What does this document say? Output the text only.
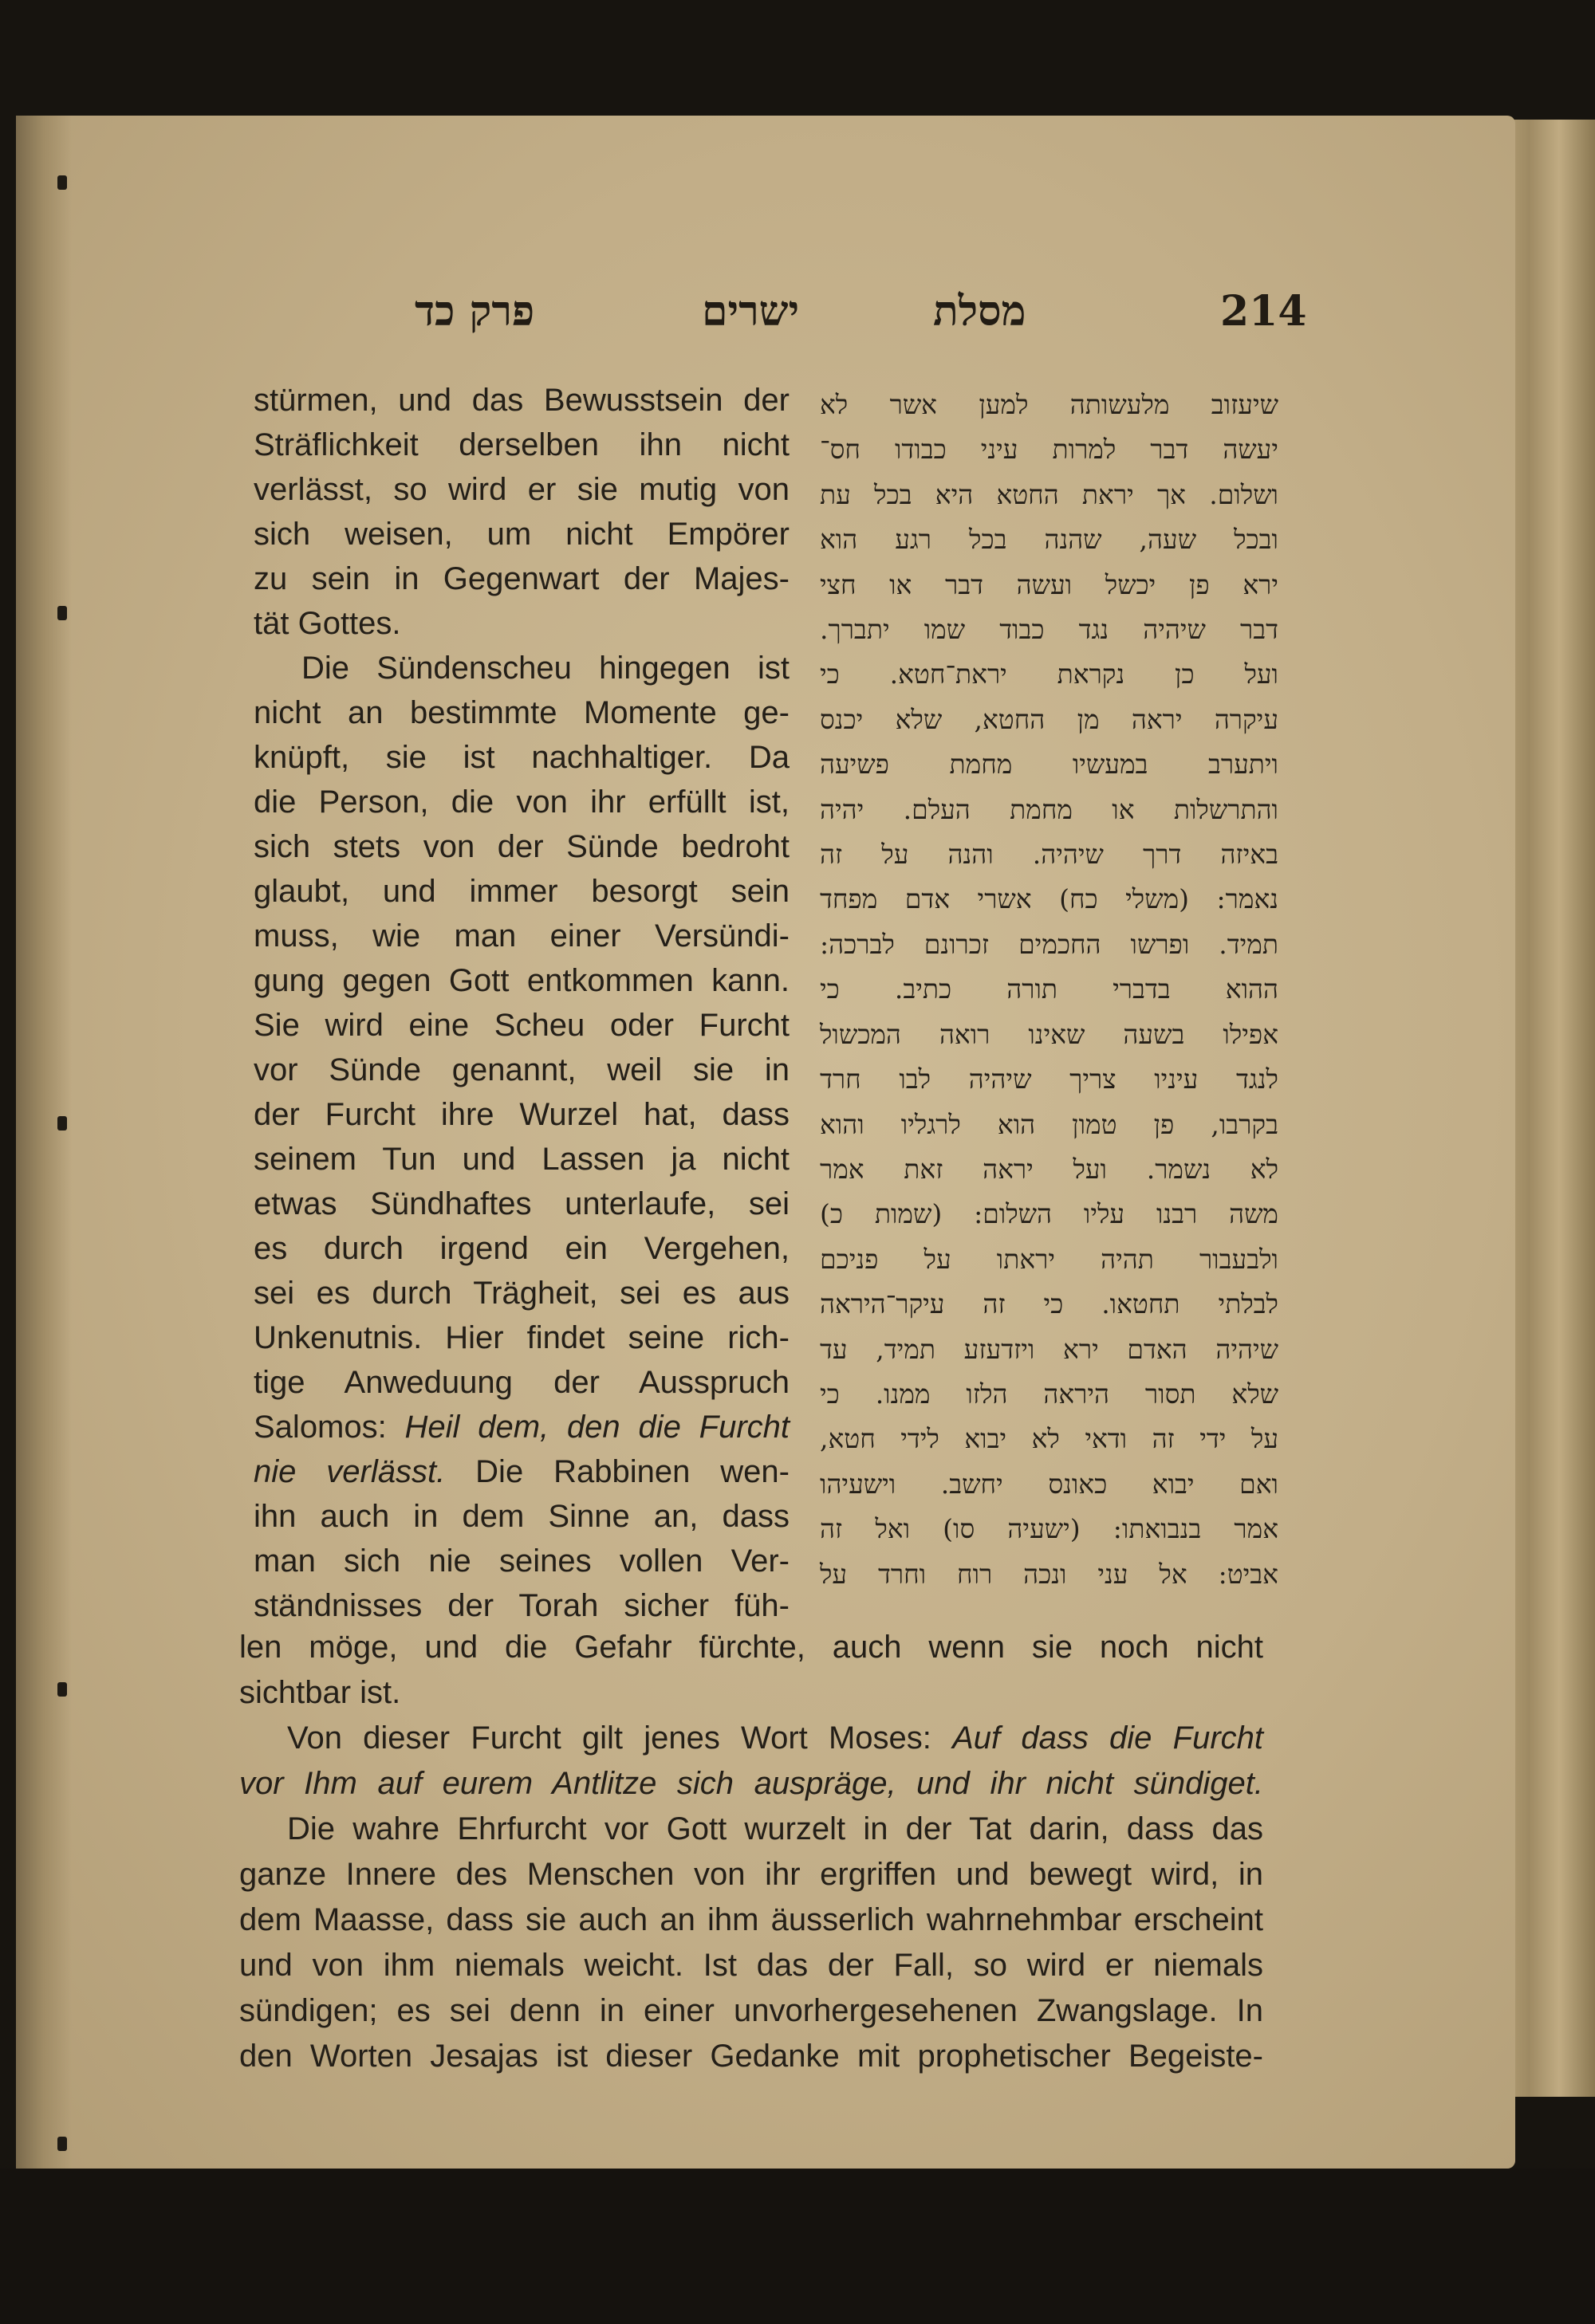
214
מסלת
ישרים
פרק כד
stürmen, und das Bewusstsein der
Sträflichkeit derselben ihn nicht
verlässt, so wird er sie mutig von
sich weisen, um nicht Empörer
zu sein in Gegenwart der Majes-
tät Gottes.
Die Sündenscheu hingegen ist
nicht an bestimmte Momente ge-
knüpft, sie ist nachhaltiger. Da
die Person, die von ihr erfüllt ist,
sich stets von der Sünde bedroht
glaubt, und immer besorgt sein
muss, wie man einer Versündi-
gung gegen Gott entkommen kann.
Sie wird eine Scheu oder Furcht
vor Sünde genannt, weil sie in
der Furcht ihre Wurzel hat, dass
seinem Tun und Lassen ja nicht
etwas Sündhaftes unterlaufe, sei
es durch irgend ein Vergehen,
sei es durch Trägheit, sei es aus
Unkenutnis. Hier findet seine rich-
tige Anweduung der Ausspruch
Salomos: Heil dem, den die Furcht
nie verlässt. Die Rabbinen wen-
ihn auch in dem Sinne an, dass
man sich nie seines vollen Ver-
ständnisses der Torah sicher füh-
שיעזוב מלעשותה למען אשר לא
יעשה דבר למרות עיני כבודו חס־
ושלום. אך יראת החטא היא בכל עת
ובכל שעה, שהנה בכל רגע הוא
ירא פן יכשל ועשה דבר או חצי
דבר שיהיה נגד כבוד שמו יתברך.
ועל כן נקראת יראת־חטא. כי
עיקרה יראה מן החטא, שלא יכנס
ויתערב במעשיו מחמת פשיעה
והתרשלות או מחמת העלם. יהיה
באיזה דרך שיהיה. והנה על זה
נאמר: (משלי כח) אשרי אדם מפחד
תמיד. ופרשו החכמים זכרונם לברכה:
ההוא בדברי תורה כתיב. כי
אפילו בשעה שאינו רואה המכשול
לנגד עיניו צריך שיהיה לבו חרד
בקרבו, פן טמון הוא לרגליו והוא
לא נשמר. ועל יראה זאת אמר
משה רבנו עליו השלום: (שמות כ)
ולבעבור תהיה יראתו על פניכם
לבלתי תחטאו. כי זה עיקר־היראה
שיהיה האדם ירא ויזדעזע תמיד, עד
שלא תסור היראה הלזו ממנו. כי
על ידי זה ודאי לא יבוא לידי חטא,
ואם יבוא כאונס יחשב. וישעיהו
אמר בנבואתו: (ישעיה סו) ואל זה
אביט: אל עני ונכה רוח וחרד על
len möge, und die Gefahr fürchte, auch wenn sie noch nicht
sichtbar ist.
Von dieser Furcht gilt jenes Wort Moses: Auf dass die Furcht
vor Ihm auf eurem Antlitze sich auspräge, und ihr nicht sündiget.
Die wahre Ehrfurcht vor Gott wurzelt in der Tat darin, dass das
ganze Innere des Menschen von ihr ergriffen und bewegt wird, in
dem Maasse, dass sie auch an ihm äusserlich wahrnehmbar erscheint
und von ihm niemals weicht. Ist das der Fall, so wird er niemals
sündigen; es sei denn in einer unvorhergesehenen Zwangslage. In
den Worten Jesajas ist dieser Gedanke mit prophetischer Begeiste-
